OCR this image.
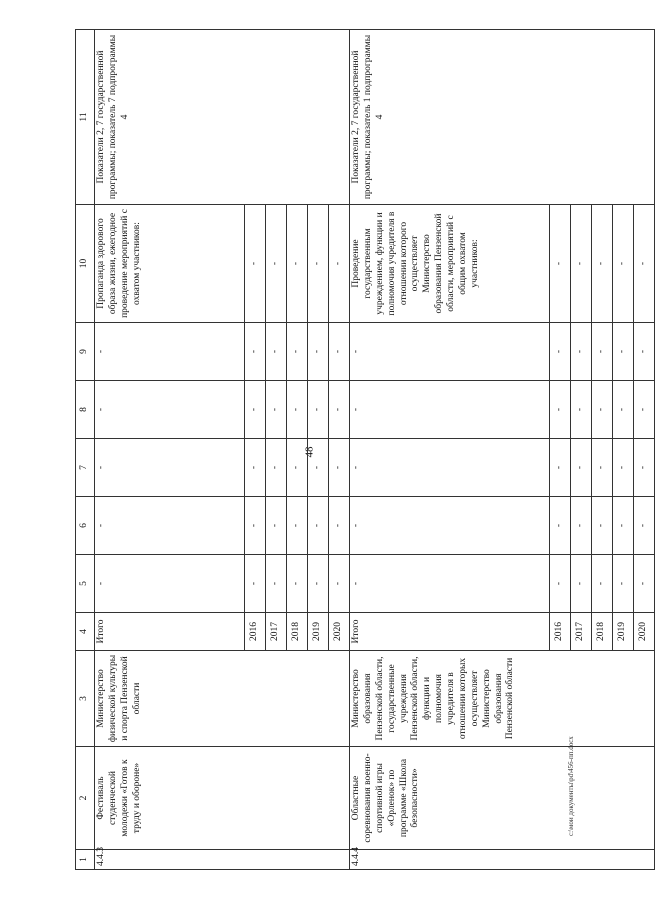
48
1	2	3	4	5	6	7	8	9	10	11
4.4.3	Фестиваль студенческой молодежи «Готов к труду и обороне»	Министерство физической культуры и спорта Пензенской области	Итого	-	-	-	-	-	Пропаганда здорового образа жизни, ежегодное проведение мероприятий с охватом участников:	Показатели 2, 7 государственной программы; показатель 7 подпрограммы 4
			2016	-	-	-	-	-	-	
			2017	-	-	-	-	-	-	
			2018	-	-	-	-	-	-	
			2019	-	-	-	-	-	-	
			2020	-	-	-	-	-	-	
4.4.4	Областные соревнования военно-спортивной игры «Орленок» по программе «Школа безопасности»	Министерство образования Пензенской области, государственные учреждения Пензенской области, функции и полномочия учредителя в отношении которых осуществляет Министерство образования Пензенской области	Итого	-	-	-	-	-	Проведение государственным учреждением, функции и полномочия учредителя в отношении которого осуществляет Министерство образования Пензенской области, мероприятий с общим охватом участников:	Показатели 2, 7 государственной программы; показатель 1 подпрограммы 4
			2016	-	-	-	-	-	-	
			2017	-	-	-	-	-	-	
			2018	-	-	-	-	-	-	
			2019	-	-	-	-	-	-	
			2020	-	-	-	-	-	-	
c:\мои документы\pd\456-пп.docx
